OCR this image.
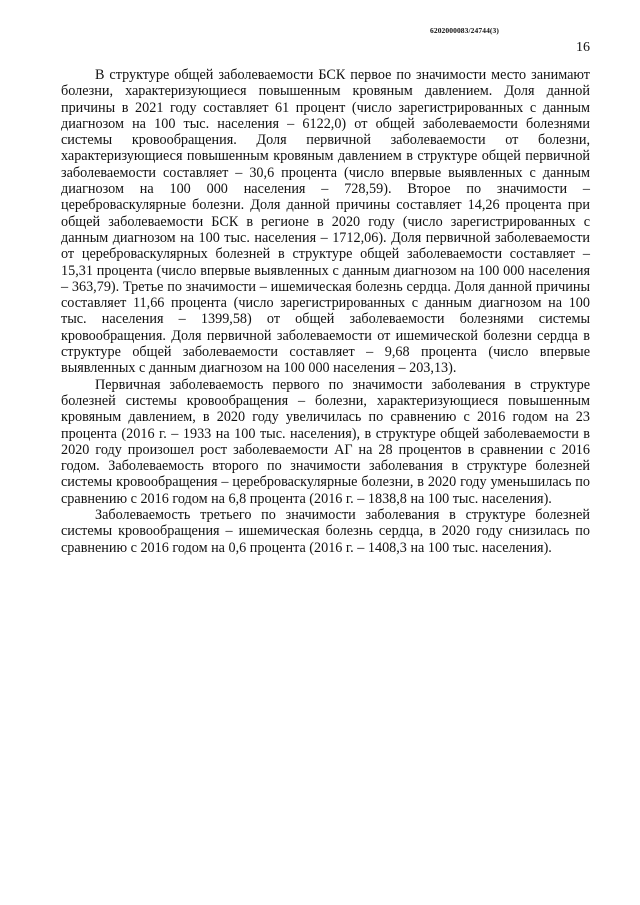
6202000083/24744(3)
16

В структуре общей заболеваемости БСК первое по значимости место занимают болезни, характеризующиеся повышенным кровяным давлением. Доля данной причины в 2021 году составляет 61 процент (число зарегистрированных с данным диагнозом на 100 тыс. населения – 6122,0) от общей заболеваемости болезнями системы кровообращения. Доля первичной заболеваемости от болезни, характеризующиеся повышенным кровяным давлением в структуре общей первичной заболеваемости составляет – 30,6 процента (число впервые выявленных с данным диагнозом на 100 000 населения – 728,59). Второе по значимости – цереброваскулярные болезни. Доля данной причины составляет 14,26 процента при общей заболеваемости БСК в регионе в 2020 году (число зарегистрированных с данным диагнозом на 100 тыс. населения – 1712,06). Доля первичной заболеваемости от цереброваскулярных болезней в структуре общей заболеваемости составляет – 15,31 процента (число впервые выявленных с данным диагнозом на 100 000 населения – 363,79). Третье по значимости – ишемическая болезнь сердца. Доля данной причины составляет 11,66 процента (число зарегистрированных с данным диагнозом на 100 тыс. населения – 1399,58) от общей заболеваемости болезнями системы кровообращения. Доля первичной заболеваемости от ишемической болезни сердца в структуре общей заболеваемости составляет – 9,68 процента (число впервые выявленных с данным диагнозом на 100 000 населения – 203,13).

Первичная заболеваемость первого по значимости заболевания в структуре болезней системы кровообращения – болезни, характеризующиеся повышенным кровяным давлением, в 2020 году увеличилась по сравнению с 2016 годом на 23 процента (2016 г. – 1933 на 100 тыс. населения), в структуре общей заболеваемости в 2020 году произошел рост заболеваемости АГ на 28 процентов в сравнении с 2016 годом. Заболеваемость второго по значимости заболевания в структуре болезней системы кровообращения – цереброваскулярные болезни, в 2020 году уменьшилась по сравнению с 2016 годом на 6,8 процента (2016 г. – 1838,8 на 100 тыс. населения).

Заболеваемость третьего по значимости заболевания в структуре болезней системы кровообращения – ишемическая болезнь сердца, в 2020 году снизилась по сравнению с 2016 годом на 0,6 процента (2016 г. – 1408,3 на 100 тыс. населения).
